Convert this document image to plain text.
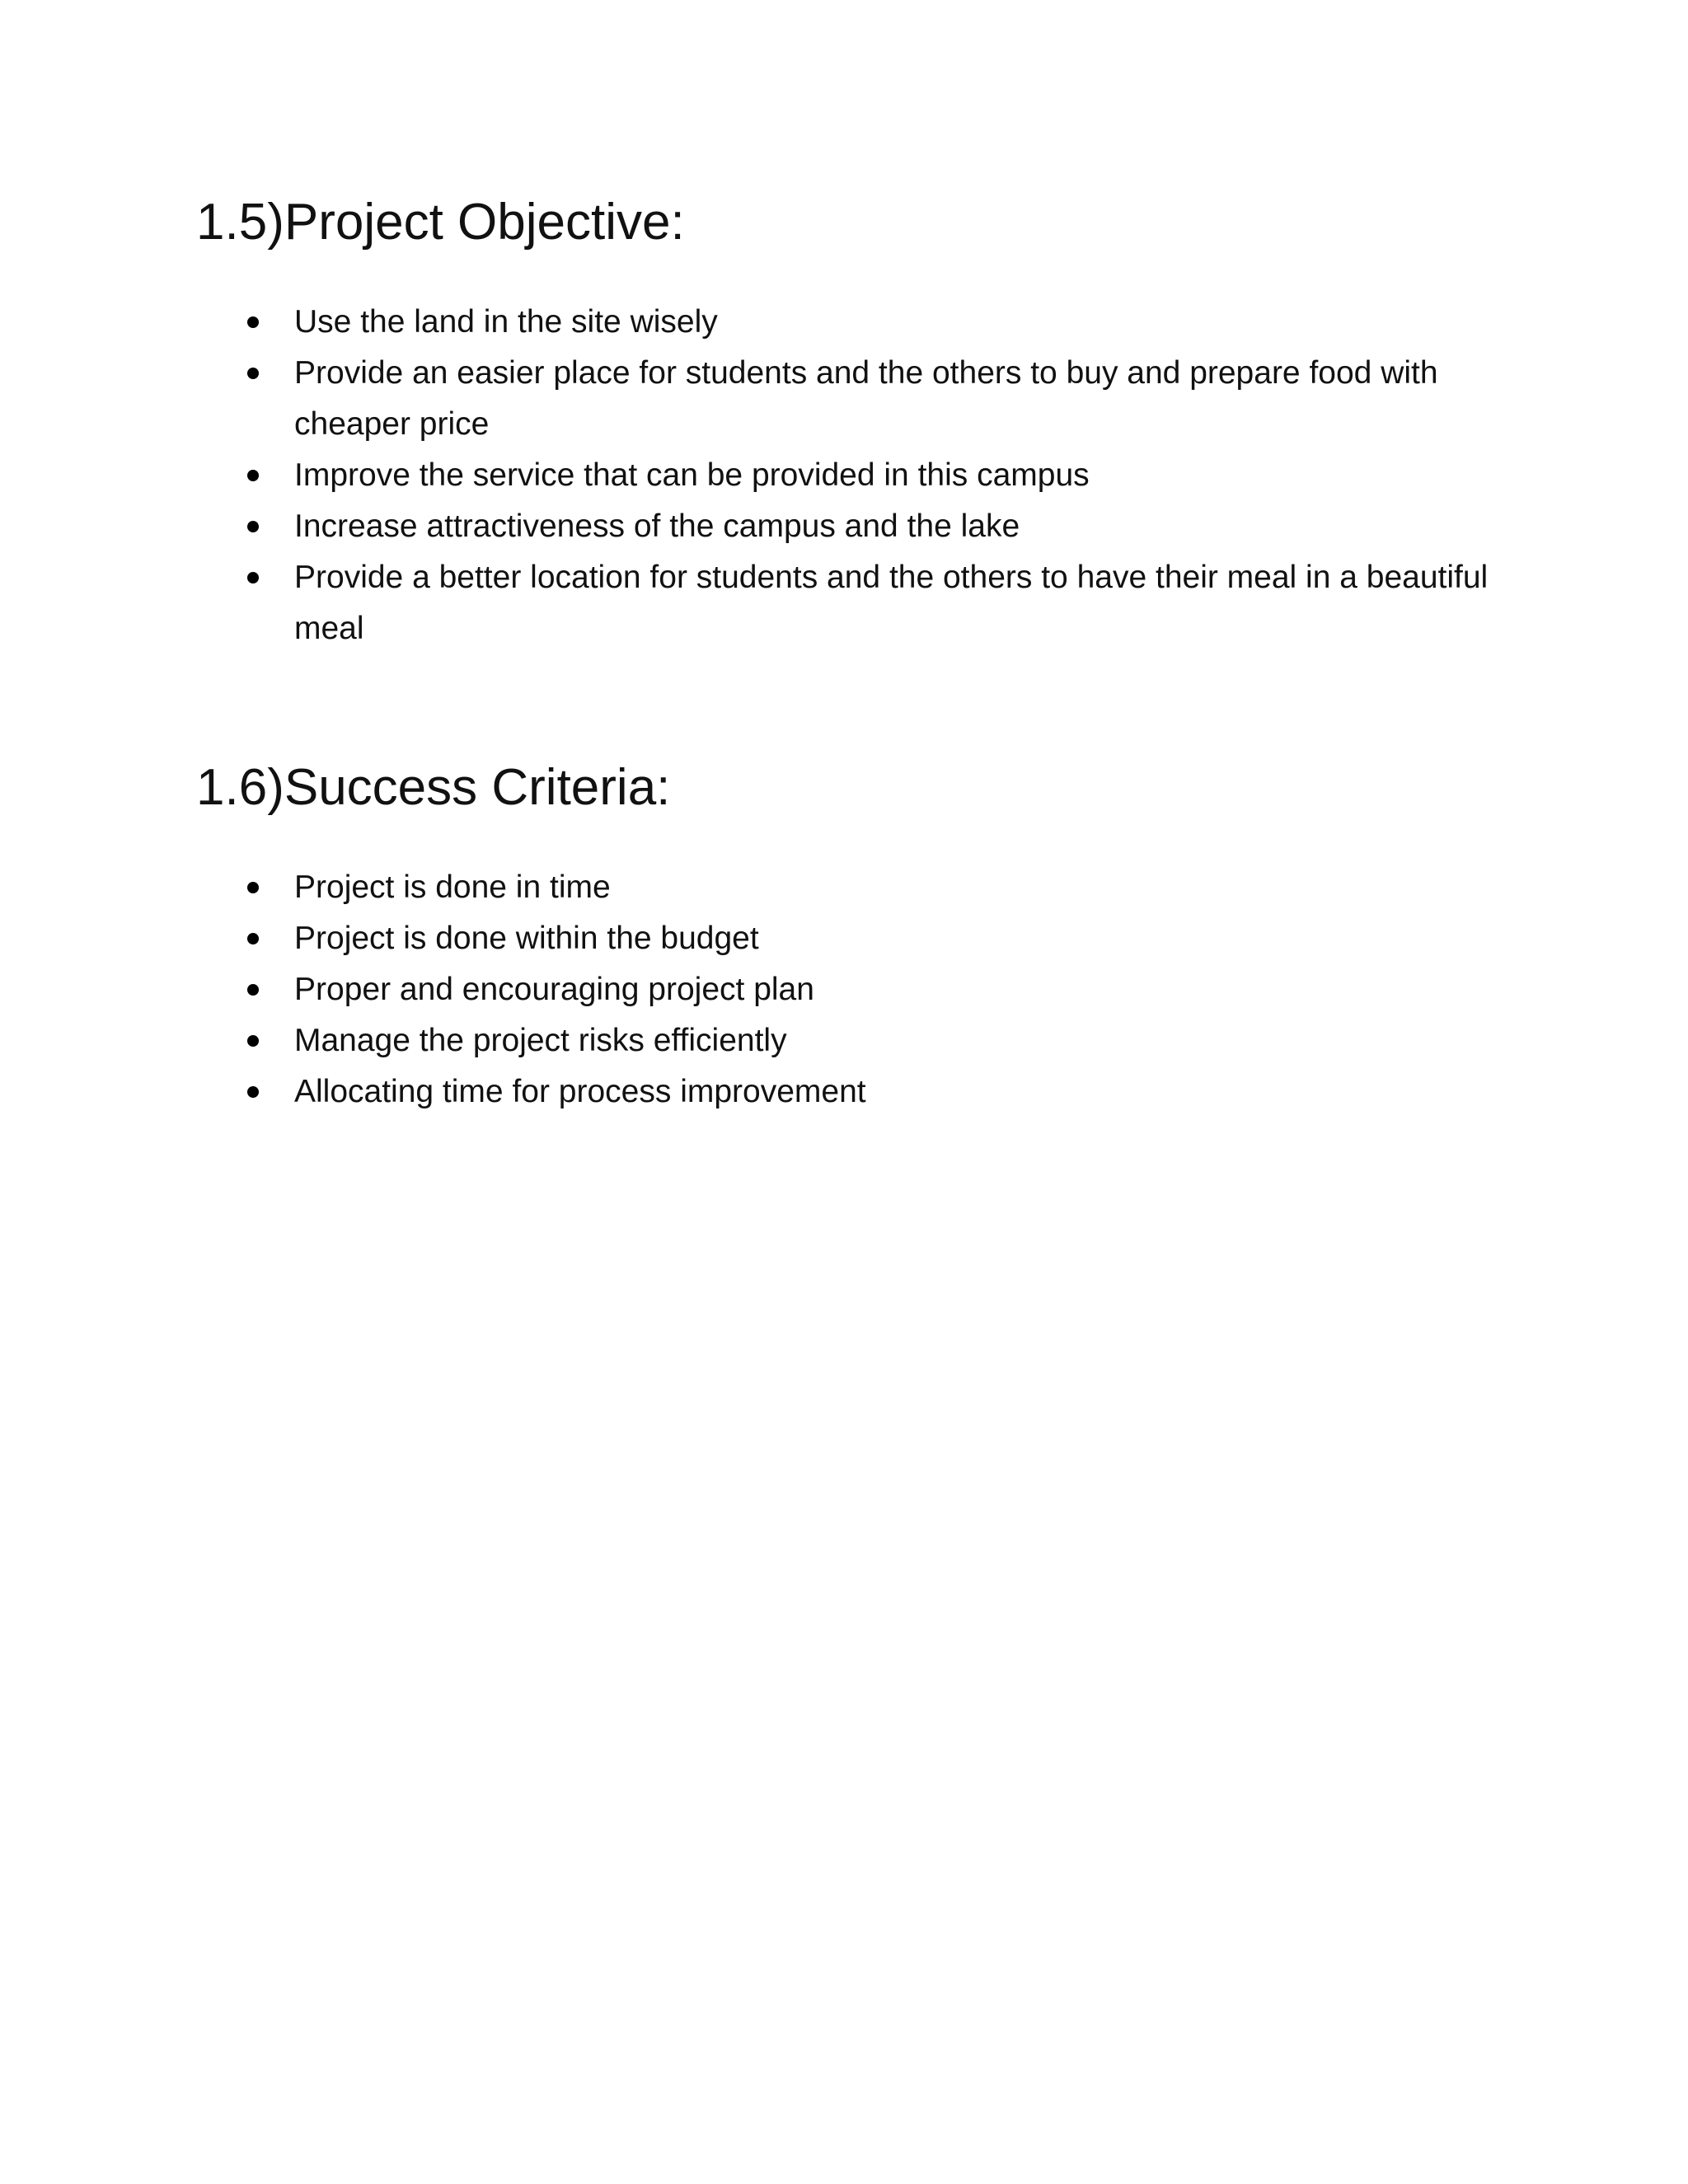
1.5)Project Objective:
Use the land in the site wisely
Provide an easier place for students and the others to buy and prepare food with cheaper price
Improve the service that can be provided in this campus
Increase attractiveness of the campus and the lake
Provide a better location for students and the others to have their meal in a beautiful meal
1.6)Success Criteria:
Project is done in time
Project is done within the budget
Proper and encouraging project plan
Manage the project risks efficiently
Allocating time for process improvement
